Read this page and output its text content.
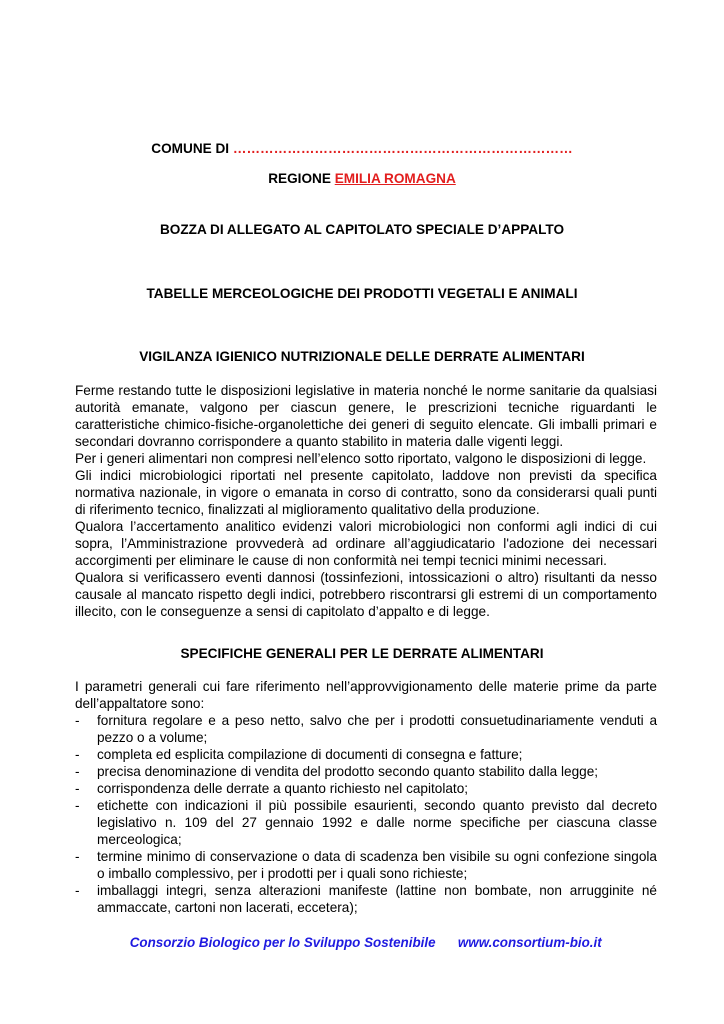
COMUNE DI …………………………………………………………………
REGIONE EMILIA ROMAGNA
BOZZA DI ALLEGATO AL CAPITOLATO SPECIALE D’APPALTO
TABELLE MERCEOLOGICHE DEI PRODOTTI VEGETALI E ANIMALI
VIGILANZA IGIENICO NUTRIZIONALE DELLE DERRATE ALIMENTARI

Ferme restando tutte le disposizioni legislative in materia nonché le norme sanitarie da qualsiasi autorità emanate, valgono per ciascun genere, le prescrizioni tecniche riguardanti le caratteristiche chimico-fisiche-organolettiche dei generi di seguito elencate. Gli imballi primari e secondari dovranno corrispondere a quanto stabilito in materia dalle vigenti leggi.

Per i generi alimentari non compresi nell’elenco sotto riportato, valgono le disposizioni di legge.

Gli indici microbiologici riportati nel presente capitolato, laddove non previsti da specifica normativa nazionale, in vigore o emanata in corso di contratto, sono da considerarsi quali punti di riferimento tecnico, finalizzati al miglioramento qualitativo della produzione.

Qualora l’accertamento analitico evidenzi valori microbiologici non conformi agli indici di cui sopra, l’Amministrazione provvederà ad ordinare all’aggiudicatario l'adozione dei necessari accorgimenti per eliminare le cause di non conformità nei tempi tecnici minimi necessari.

Qualora si verificassero eventi dannosi (tossinfezioni, intossicazioni o altro) risultanti da nesso causale al mancato rispetto degli indici, potrebbero riscontrarsi gli estremi di un comportamento illecito, con le conseguenze a sensi di capitolato d’appalto e di legge.

SPECIFICHE GENERALI PER LE DERRATE ALIMENTARI

I parametri generali cui fare riferimento nell’approvvigionamento delle materie prime da parte dell’appaltatore sono:

- fornitura regolare e a peso netto, salvo che per i prodotti consuetudinariamente venduti a pezzo o a volume;
- completa ed esplicita compilazione di documenti di consegna e fatture;
- precisa denominazione di vendita del prodotto secondo quanto stabilito dalla legge;
- corrispondenza delle derrate a quanto richiesto nel capitolato;
- etichette con indicazioni il più possibile esaurienti, secondo quanto previsto dal decreto legislativo n. 109 del 27 gennaio 1992 e dalle norme specifiche per ciascuna classe merceologica;
- termine minimo di conservazione o data di scadenza ben visibile su ogni confezione singola o imballo complessivo, per i prodotti per i quali sono richieste;
- imballaggi integri, senza alterazioni manifeste (lattine non bombate, non arrugginite né ammaccate, cartoni non lacerati, eccetera);

Consorzio Biologico per lo Sviluppo Sostenibile www.consortium-bio.it
